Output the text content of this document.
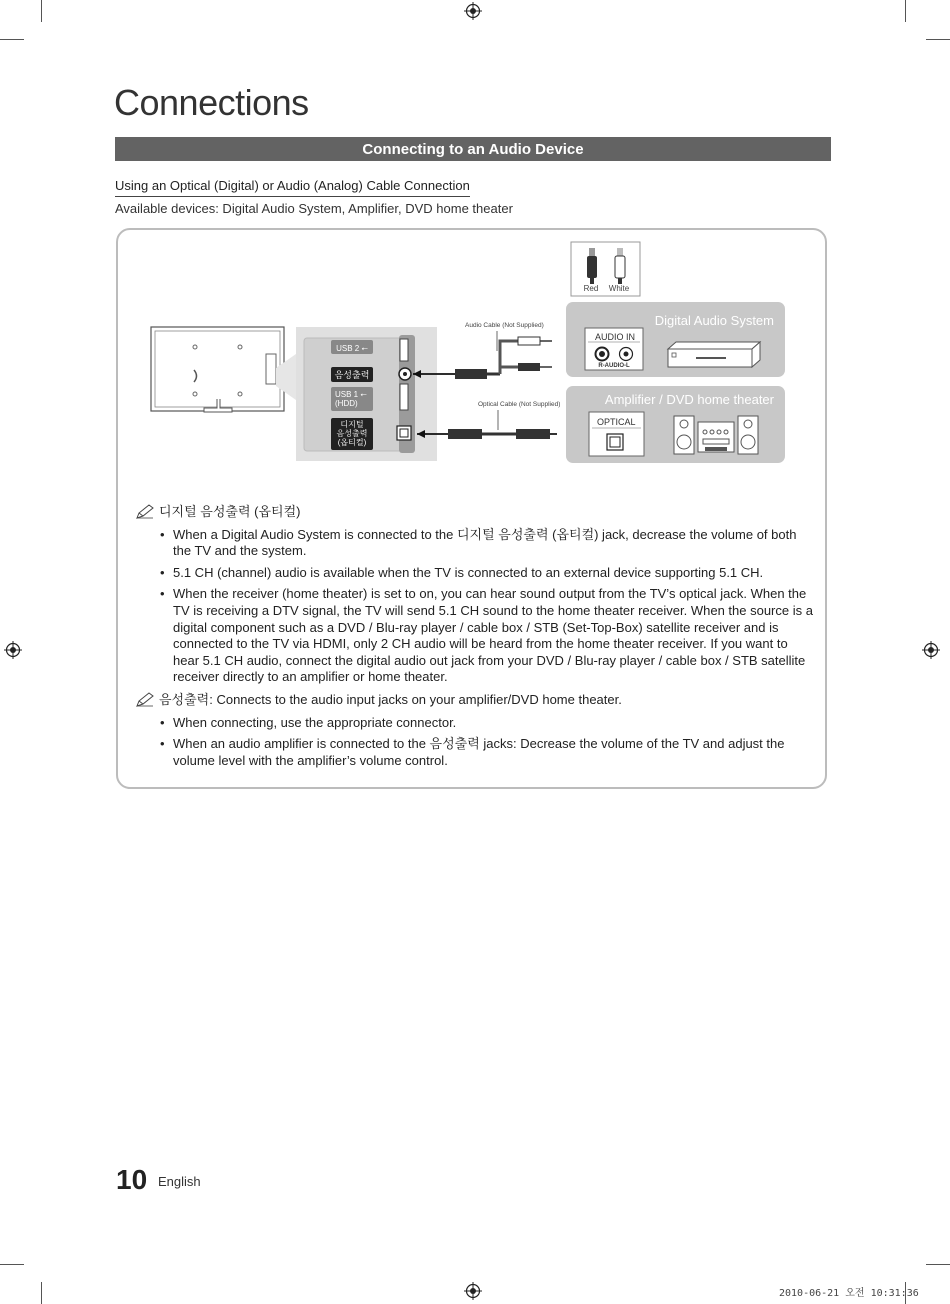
Connections
Connecting to an Audio Device
Using an Optical (Digital) or Audio (Analog) Cable Connection
Available devices: Digital Audio System, Amplifier, DVD home theater
USB 2 ⭠
음성출력
USB 1 ⭠
(HDD)
디지털
음성출력
(옵티컬)
Red White
Digital Audio System
AUDIO IN
R-AUDIO-L
Amplifier / DVD home theater
OPTICAL
Audio Cable (Not Supplied)
Optical Cable (Not Supplied)
디지털 음성출력 (옵티컬)
• When a Digital Audio System is connected to the 디지털 음성출력 (옵티컬) jack, decrease the volume of both the TV and the system.
• 5.1 CH (channel) audio is available when the TV is connected to an external device supporting 5.1 CH.
• When the receiver (home theater) is set to on, you can hear sound output from the TV’s optical jack. When the TV is receiving a DTV signal, the TV will send 5.1 CH sound to the home theater receiver. When the source is a digital component such as a DVD / Blu-ray player / cable box / STB (Set-Top-Box) satellite receiver and is connected to the TV via HDMI, only 2 CH audio will be heard from the home theater receiver. If you want to hear 5.1 CH audio, connect the digital audio out jack from your DVD / Blu-ray player / cable box / STB satellite receiver directly to an amplifier or home theater.
음성출력: Connects to the audio input jacks on your amplifier/DVD home theater.
• When connecting, use the appropriate connector.
• When an audio amplifier is connected to the 음성출력 jacks: Decrease the volume of the TV and adjust the volume level with the amplifier’s volume control.
10 English
2010-06-21 오전 10:31:36
